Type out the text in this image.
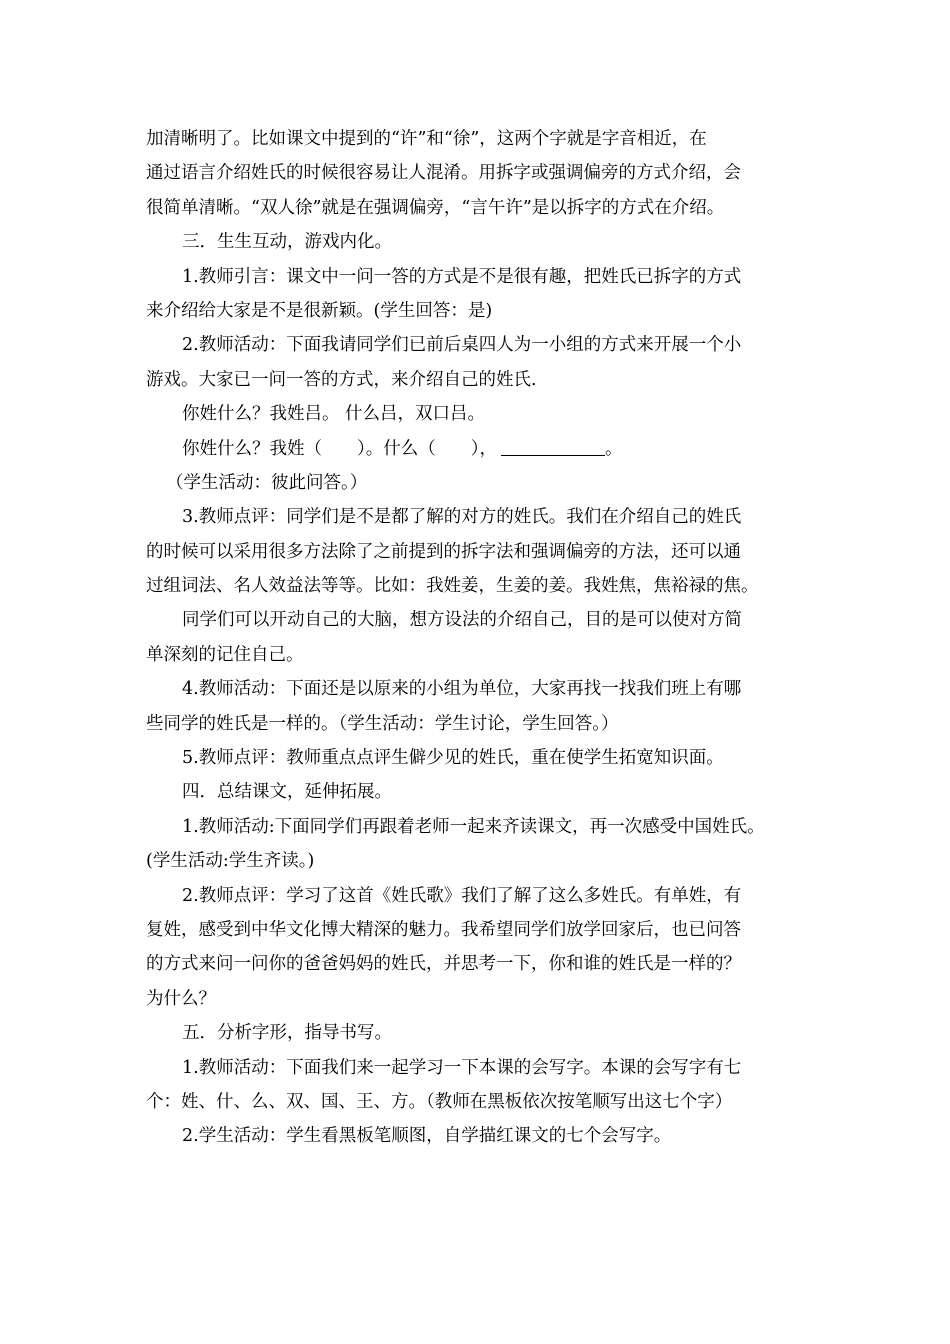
加清晰明了。比如课文中提到的“许”和“徐”，这两个字就是字音相近，在
通过语言介绍姓氏的时候很容易让人混淆。用拆字或强调偏旁的方式介绍，会
很简单清晰。“双人徐”就是在强调偏旁，“言午许”是以拆字的方式在介绍。
三．生生互动，游戏内化。
1.教师引言：课文中一问一答的方式是不是很有趣，把姓氏已拆字的方式
来介绍给大家是不是很新颖。(学生回答：是)
2.教师活动：下面我请同学们已前后桌四人为一小组的方式来开展一个小
游戏。大家已一问一答的方式，来介绍自己的姓氏.
你姓什么？我姓吕。 什么吕，双口吕。
你姓什么？我姓（　　）。什么（　　），	。
（学生活动：彼此问答。）
3.教师点评：同学们是不是都了解的对方的姓氏。我们在介绍自己的姓氏
的时候可以采用很多方法除了之前提到的拆字法和强调偏旁的方法，还可以通
过组词法、名人效益法等等。比如：我姓姜，生姜的姜。我姓焦，焦裕禄的焦。
同学们可以开动自己的大脑，想方设法的介绍自己，目的是可以使对方简
单深刻的记住自己。
4.教师活动：下面还是以原来的小组为单位，大家再找一找我们班上有哪
些同学的姓氏是一样的。（学生活动：学生讨论，学生回答。）
5.教师点评：教师重点点评生僻少见的姓氏，重在使学生拓宽知识面。
四．总结课文，延伸拓展。
1.教师活动:下面同学们再跟着老师一起来齐读课文，再一次感受中国姓氏。
(学生活动:学生齐读。)
2.教师点评：学习了这首《姓氏歌》我们了解了这么多姓氏。有单姓，有
复姓，感受到中华文化博大精深的魅力。我希望同学们放学回家后，也已问答
的方式来问一问你的爸爸妈妈的姓氏，并思考一下，你和谁的姓氏是一样的？
为什么？
五．分析字形，指导书写。
1.教师活动：下面我们来一起学习一下本课的会写字。本课的会写字有七
个：姓、什、么、双、国、王、方。（教师在黑板依次按笔顺写出这七个字）
2.学生活动：学生看黑板笔顺图，自学描红课文的七个会写字。
